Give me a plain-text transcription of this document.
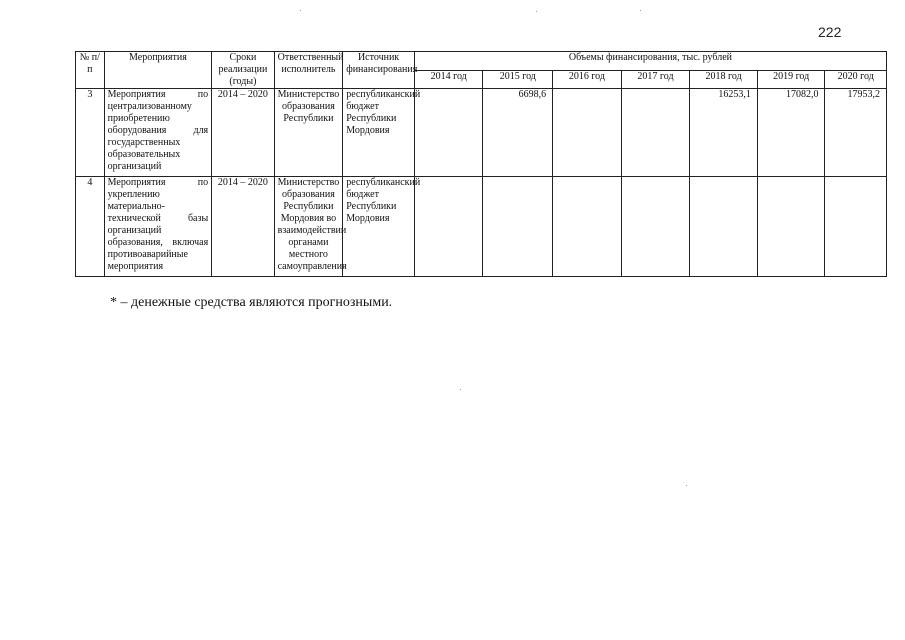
222
№ п/п	Мероприятия	Сроки реализации (годы)	Ответственный исполнитель	Источник финансирования	Объемы финансирования, тыс. рублей						
					2014 год	2015 год	2016 год	2017 год	2018 год	2019 год	2020 год
3	Мероприятия по централизованному приобретению оборудования для государственных образовательных организаций	2014 – 2020	Министерство образования Республики	республиканский бюджет Республики Мордовия		6698,6			16253,1	17082,0	17953,2
4	Мероприятия по укреплению материально-технической базы организаций образования, включая противоаварийные мероприятия	2014 – 2020	Министерство образования Республики Мордовия во взаимодействии органами местного самоуправления	республиканский бюджет Республики Мордовия							
* – денежные средства являются прогнозными.
